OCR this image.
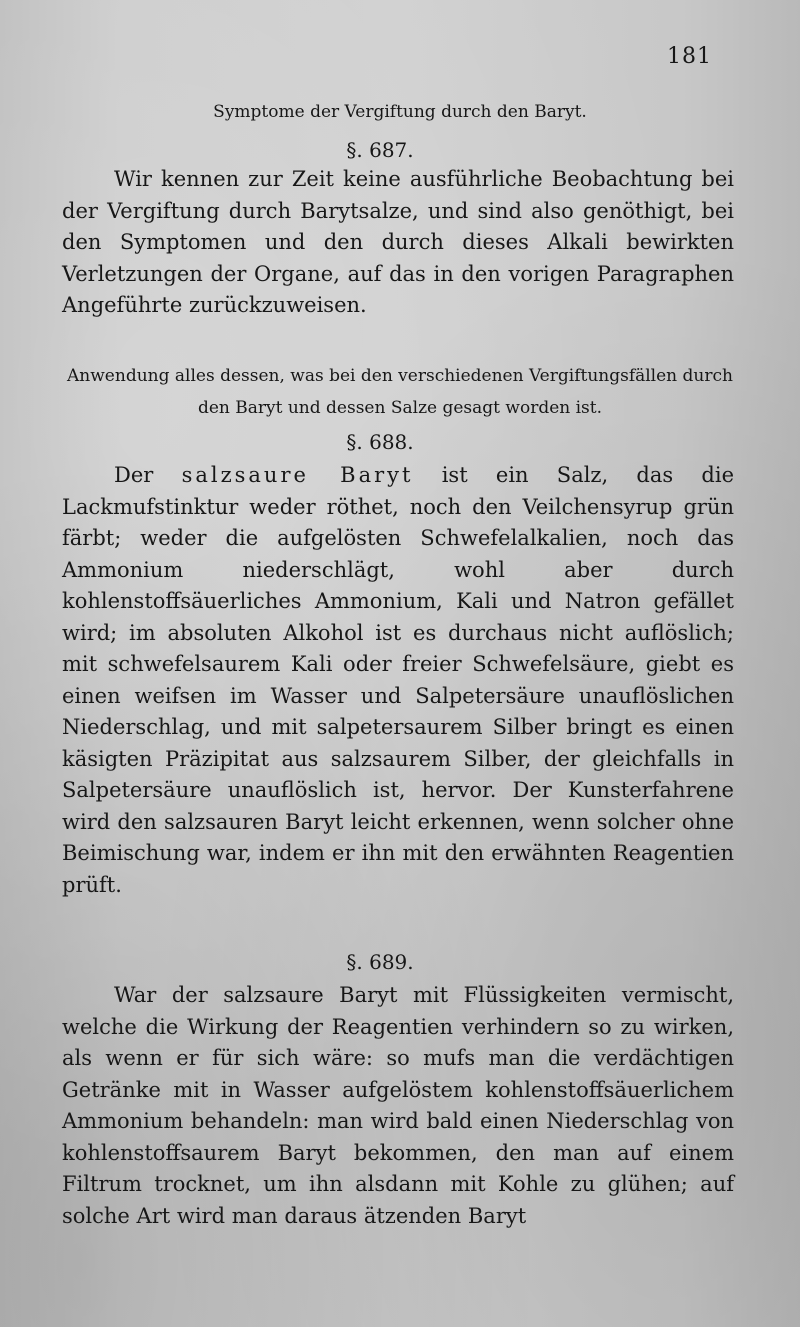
181
Symptome der Vergiftung durch den Baryt.
§. 687.

Wir kennen zur Zeit keine ausführliche Beobachtung bei der Vergiftung durch Barytsalze, und sind also genöthigt, bei den Symptomen und den durch dieses Alkali bewirkten Verletzungen der Organe, auf das in den vorigen Paragraphen Angeführte zurückzuweisen.

Anwendung alles dessen, was bei den verschiedenen Vergiftungsfällen durch den Baryt und dessen Salze gesagt worden ist.
§. 688.

Der salzsaure Baryt ist ein Salz, das die Lackmufstinktur weder röthet, noch den Veilchensyrup grün färbt; weder die aufgelösten Schwefelalkalien, noch das Ammonium niederschlägt, wohl aber durch kohlenstoffsäuerliches Ammonium, Kali und Natron gefället wird; im absoluten Alkohol ist es durchaus nicht auflöslich; mit schwefelsaurem Kali oder freier Schwefelsäure, giebt es einen weifsen im Wasser und Salpetersäure unauflöslichen Niederschlag, und mit salpetersaurem Silber bringt es einen käsigten Präzipitat aus salzsaurem Silber, der gleichfalls in Salpetersäure unauflöslich ist, hervor. Der Kunsterfahrene wird den salzsauren Baryt leicht erkennen, wenn solcher ohne Beimischung war, indem er ihn mit den erwähnten Reagentien prüft.

§. 689.

War der salzsaure Baryt mit Flüssigkeiten vermischt, welche die Wirkung der Reagentien verhindern so zu wirken, als wenn er für sich wäre: so mufs man die verdächtigen Getränke mit in Wasser aufgelöstem kohlenstoffsäuerlichem Ammonium behandeln: man wird bald einen Niederschlag von kohlenstoffsaurem Baryt bekommen, den man auf einem Filtrum trocknet, um ihn alsdann mit Kohle zu glühen; auf solche Art wird man daraus ätzenden Baryt
